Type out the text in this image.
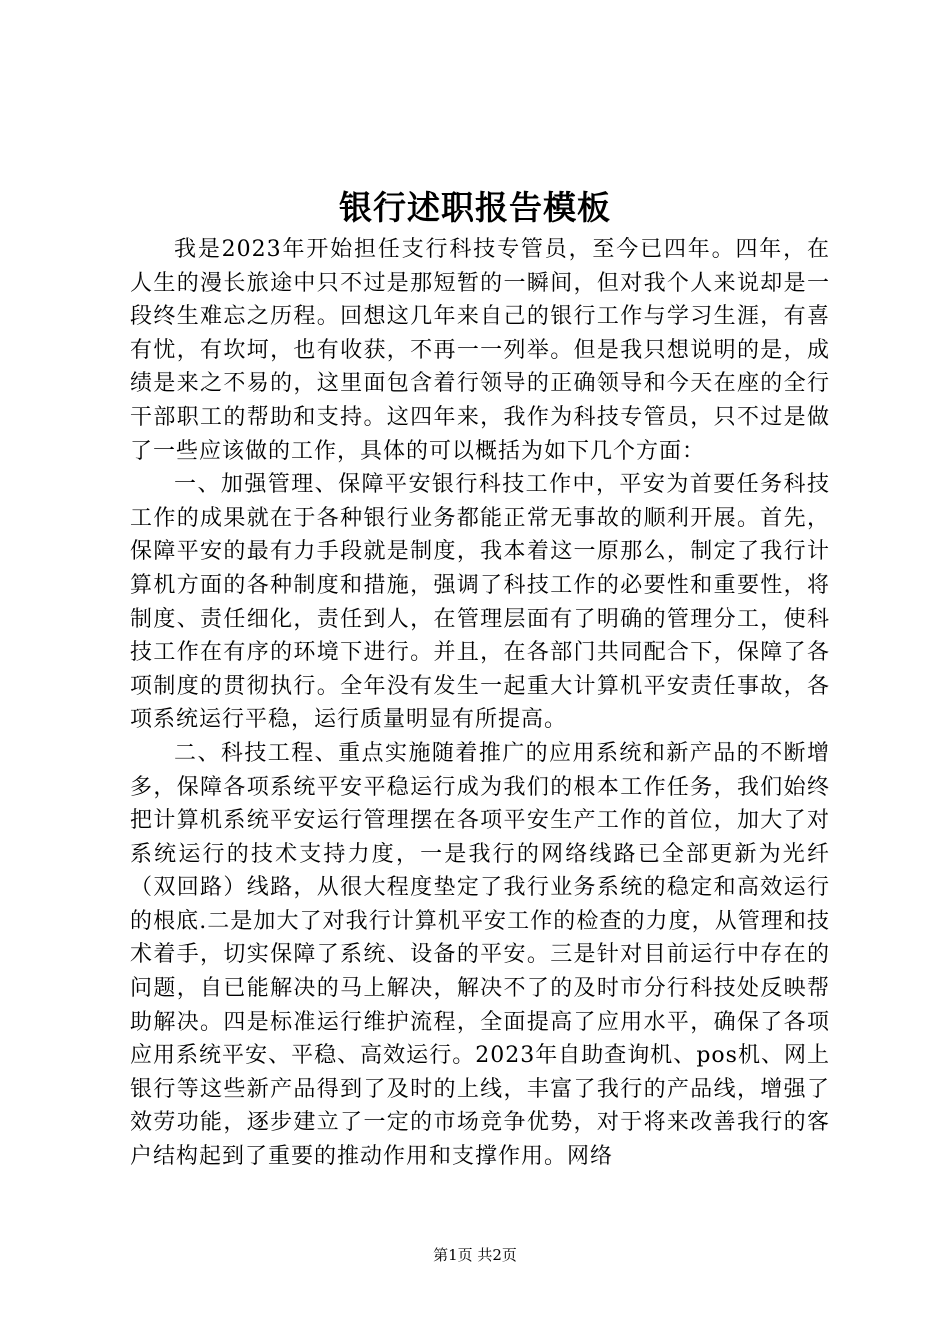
银行述职报告模板

我是2023年开始担任支行科技专管员，至今已四年。四年，在人生的漫长旅途中只不过是那短暂的一瞬间，但对我个人来说却是一段终生难忘之历程。回想这几年来自己的银行工作与学习生涯，有喜有忧，有坎坷，也有收获，不再一一列举。但是我只想说明的是，成绩是来之不易的，这里面包含着行领导的正确领导和今天在座的全行干部职工的帮助和支持。这四年来，我作为科技专管员，只不过是做了一些应该做的工作，具体的可以概括为如下几个方面：

一、加强管理、保障平安银行科技工作中，平安为首要任务科技工作的成果就在于各种银行业务都能正常无事故的顺利开展。首先，保障平安的最有力手段就是制度，我本着这一原那么，制定了我行计算机方面的各种制度和措施，强调了科技工作的必要性和重要性，将制度、责任细化，责任到人，在管理层面有了明确的管理分工，使科技工作在有序的环境下进行。并且，在各部门共同配合下，保障了各项制度的贯彻执行。全年没有发生一起重大计算机平安责任事故，各项系统运行平稳，运行质量明显有所提高。

二、科技工程、重点实施随着推广的应用系统和新产品的不断增多，保障各项系统平安平稳运行成为我们的根本工作任务，我们始终把计算机系统平安运行管理摆在各项平安生产工作的首位，加大了对系统运行的技术支持力度，一是我行的网络线路已全部更新为光纤（双回路）线路，从很大程度垫定了我行业务系统的稳定和高效运行的根底.二是加大了对我行计算机平安工作的检查的力度，从管理和技术着手，切实保障了系统、设备的平安。三是针对目前运行中存在的问题，自已能解决的马上解决，解决不了的及时市分行科技处反映帮助解决。四是标准运行维护流程，全面提高了应用水平，确保了各项应用系统平安、平稳、高效运行。2023年自助查询机、pos机、网上银行等这些新产品得到了及时的上线，丰富了我行的产品线，增强了效劳功能，逐步建立了一定的市场竞争优势，对于将来改善我行的客户结构起到了重要的推动作用和支撑作用。网络

第1页 共2页
